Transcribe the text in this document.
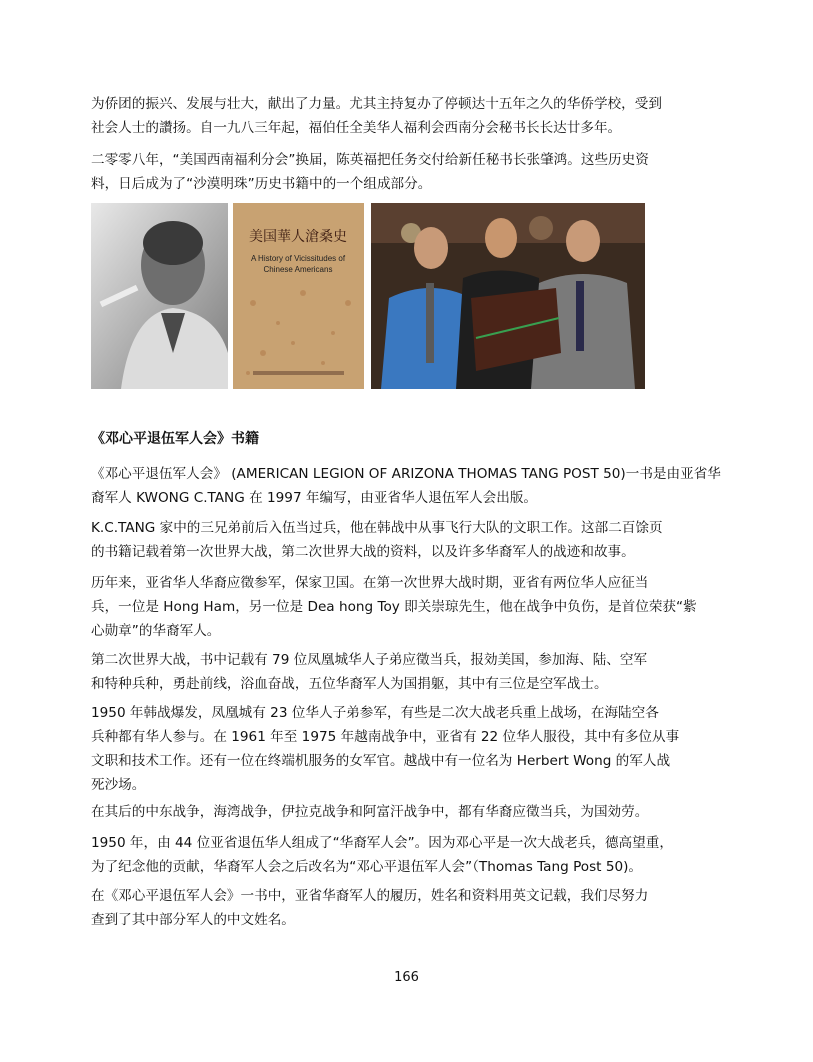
为侨团的振兴、发展与壮大，献出了力量。尤其主持复办了停顿达十五年之久的华侨学校，受到
社会人士的讚扬。自一九八三年起，福伯任全美华人福利会西南分会秘书长长达廿多年。
二零零八年，“美国西南福利分会”换届，陈英福把任务交付给新任秘书长张肇鸿。这些历史资
料，日后成为了“沙漠明珠”历史书籍中的一个组成部分。
美国華人滄桑史
A History of Vicissitudes of
Chinese Americans
《邓心平退伍军人会》书籍
《邓心平退伍军人会》 (AMERICAN LEGION OF ARIZONA THOMAS TANG POST 50)一书是由亚省华
裔军人 KWONG C.TANG 在 1997 年编写，由亚省华人退伍军人会出版。
K.C.TANG 家中的三兄弟前后入伍当过兵，他在韩战中从事飞行大队的文职工作。这部二百馀页
的书籍记载着第一次世界大战，第二次世界大战的资料，以及许多华裔军人的战迹和故事。
历年来，亚省华人华裔应徵参军，保家卫国。在第一次世界大战时期，亚省有两位华人应征当
兵，一位是 Hong Ham，另一位是 Dea hong Toy 即关崇琼先生，他在战争中负伤，是首位荣获“紫
心勋章”的华裔军人。
第二次世界大战，书中记载有 79 位凤凰城华人子弟应徵当兵，报効美国，参加海、陆、空军
和特种兵种，勇赴前线，浴血奋战，五位华裔军人为国捐躯，其中有三位是空军战士。
1950 年韩战爆发，凤凰城有 23 位华人子弟参军，有些是二次大战老兵重上战场，在海陆空各
兵种都有华人参与。在 1961 年至 1975 年越南战争中，亚省有 22 位华人服役，其中有多位从事
文职和技术工作。还有一位在终端机服务的女军官。越战中有一位名为 Herbert Wong 的军人战
死沙场。
在其后的中东战争，海湾战争，伊拉克战争和阿富汗战争中，都有华裔应徵当兵，为国効劳。
1950 年，由 44 位亚省退伍华人组成了“华裔军人会”。因为邓心平是一次大战老兵，德高望重，
为了纪念他的贡献，华裔军人会之后改名为“邓心平退伍军人会”（Thomas Tang Post 50)。
在《邓心平退伍军人会》一书中，亚省华裔军人的履历，姓名和资料用英文记载，我们尽努力
查到了其中部分军人的中文姓名。
166
